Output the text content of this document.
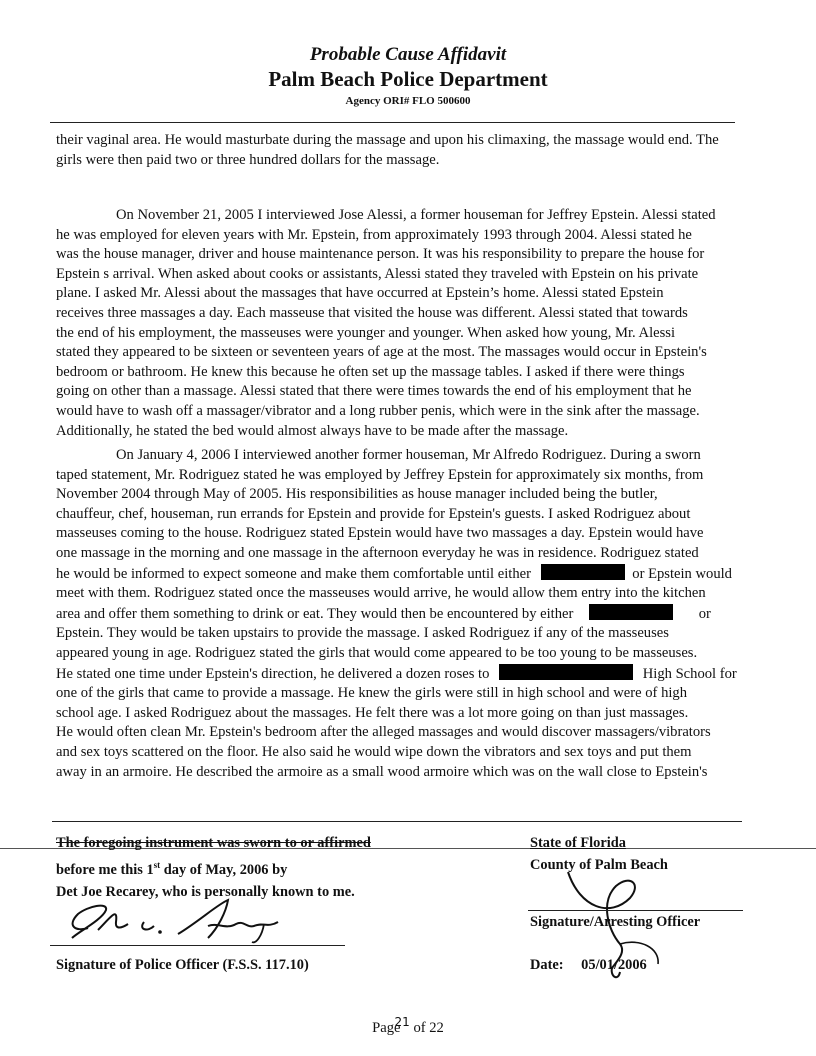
Probable Cause Affidavit
Palm Beach Police Department
Agency ORI# FLO 500600

their vaginal area. He would masturbate during the massage and upon his climaxing, the massage would end. The

girls were then paid two or three hundred dollars for the massage.

On November 21, 2005 I interviewed Jose Alessi, a former houseman for Jeffrey Epstein. Alessi stated

he was employed for eleven years with Mr. Epstein, from approximately 1993 through 2004. Alessi stated he

was the house manager, driver and house maintenance person. It was his responsibility to prepare the house for

Epstein s arrival. When asked about cooks or assistants, Alessi stated they traveled with Epstein on his private

plane. I asked Mr. Alessi about the massages that have occurred at Epstein’s home. Alessi stated Epstein

receives three massages a day. Each masseuse that visited the house was different. Alessi stated that towards

the end of his employment, the masseuses were younger and younger. When asked how young, Mr. Alessi

stated they appeared to be sixteen or seventeen years of age at the most. The massages would occur in Epstein's

bedroom or bathroom. He knew this because he often set up the massage tables. I asked if there were things

going on other than a massage. Alessi stated that there were times towards the end of his employment that he

would have to wash off a massager/vibrator and a long rubber penis, which were in the sink after the massage.

Additionally, he stated the bed would almost always have to be made after the massage.

On January 4, 2006 I interviewed another former houseman, Mr Alfredo Rodriguez. During a sworn

taped statement, Mr. Rodriguez stated he was employed by Jeffrey Epstein for approximately six months, from

November 2004 through May of 2005. His responsibilities as house manager included being the butler,

chauffeur, chef, houseman, run errands for Epstein and provide for Epstein's guests. I asked Rodriguez about

masseuses coming to the house. Rodriguez stated Epstein would have two massages a day. Epstein would have

one massage in the morning and one massage in the afternoon everyday he was in residence. Rodriguez stated

he would be informed to expect someone and make them comfortable until either	or Epstein would

meet with them. Rodriguez stated once the masseuses would arrive, he would allow them entry into the kitchen

area and offer them something to drink or eat. They would then be encountered by either	or

Epstein. They would be taken upstairs to provide the massage. I asked Rodriguez if any of the masseuses

appeared young in age. Rodriguez stated the girls that would come appeared to be too young to be masseuses.

He stated one time under Epstein's direction, he delivered a dozen roses to	High School for

one of the girls that came to provide a massage. He knew the girls were still in high school and were of high

school age. I asked Rodriguez about the massages. He felt there was a lot more going on than just massages.

He would often clean Mr. Epstein's bedroom after the alleged massages and would discover massagers/vibrators

and sex toys scattered on the floor. He also said he would wipe down the vibrators and sex toys and put them

away in an armoire. He described the armoire as a small wood armoire which was on the wall close to Epstein's

The foregoing instrument was sworn to or affirmed
before me this 1st day of May, 2006 by
Det Joe Recarey, who is personally known to me.
State of Florida
County of Palm Beach
Signature of Police Officer (F.S.S. 117.10)
Signature/Arresting Officer
Date: 05/01/2006
Page$^{21}$ of 22
